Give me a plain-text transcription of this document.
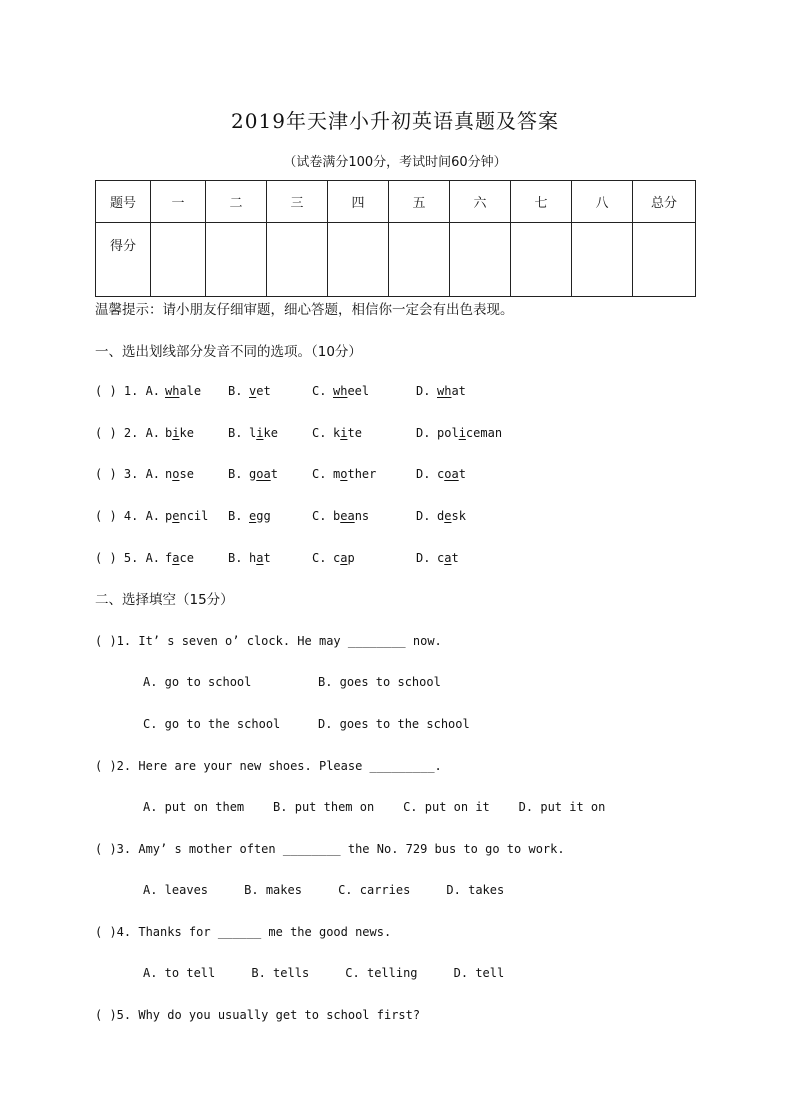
2019年天津小升初英语真题及答案
（试卷满分100分，考试时间60分钟）
题号	一	二	三	四	五	六	七	八	总分
得分									
温馨提示：请小朋友仔细审题，细心答题，相信你一定会有出色表现。
一、选出划线部分发音不同的选项。（10分）
( ) 1. A. whale B. vet	C. wheel	D. what
( ) 2. A. bike	B. like	C. kite	D. policeman
( ) 3. A. nose	B. goat	C. mother	D. coat
( ) 4. A. pencil B. egg	C. beans	D. desk
( ) 5. A. face	B. hat	C. cap	D. cat
二、选择填空（15分）
( )1. It’ s seven o’ clock. He may ________ now.
A. go to school	B. goes to school
C. go to the school	D. goes to the school
( )2. Here are your new shoes. Please _________.
A. put on them    B. put them on    C. put on it    D. put it on
( )3. Amy’ s mother often ________ the No. 729 bus to go to work.
A. leaves     B. makes     C. carries     D. takes
( )4. Thanks for ______ me the good news.
A. to tell     B. tells     C. telling     D. tell
( )5. Why do you usually get to school first?
